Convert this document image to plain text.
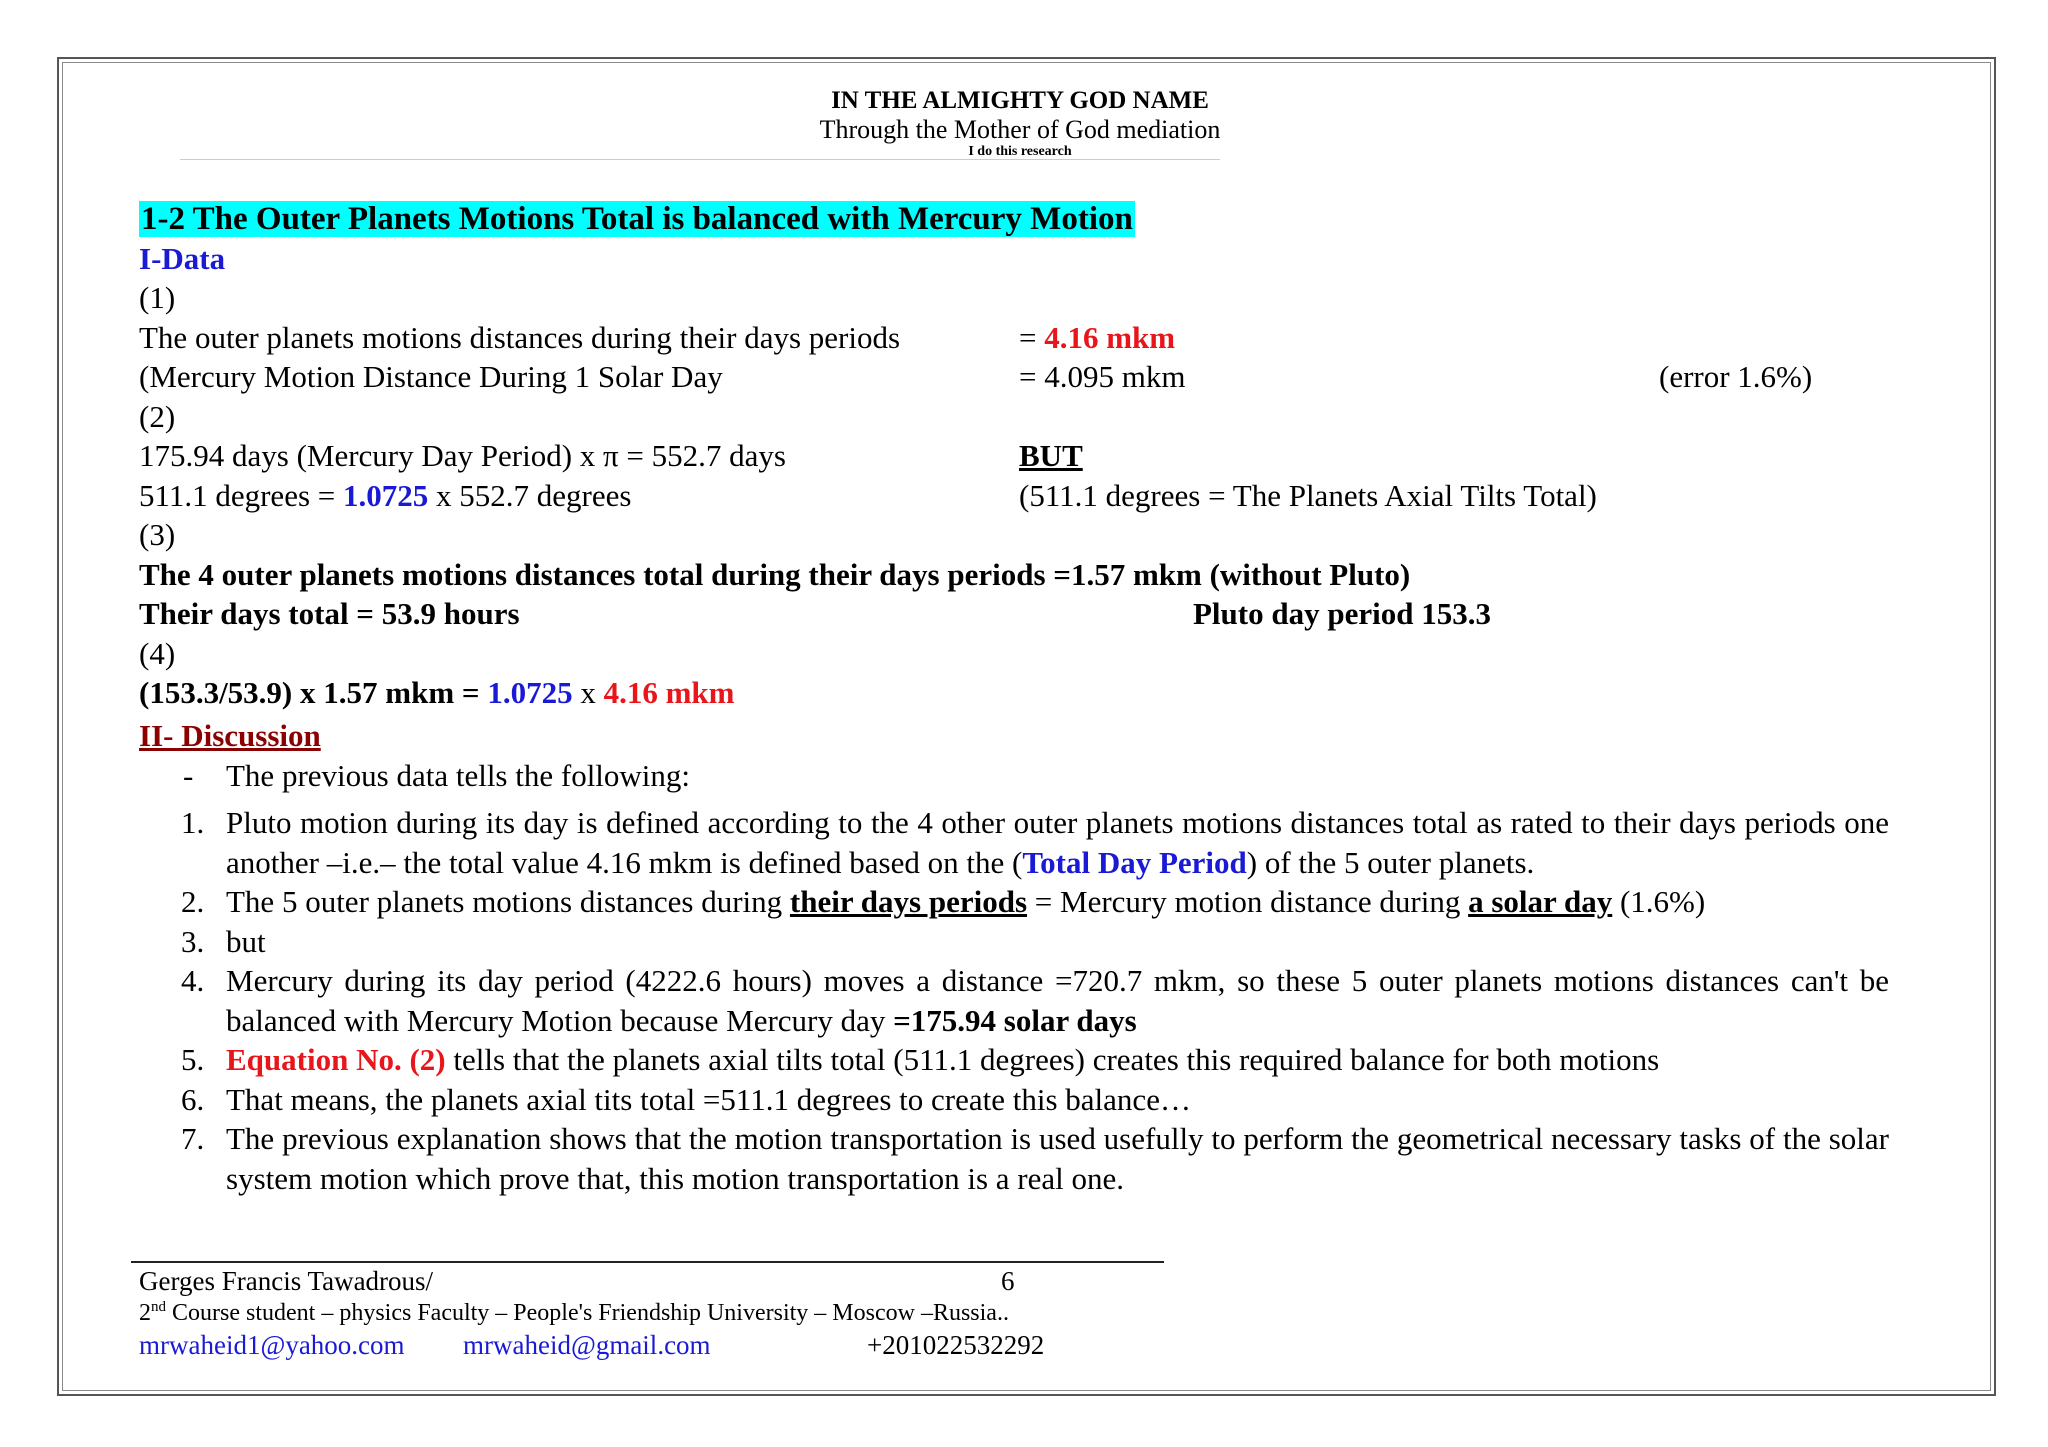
IN THE ALMIGHTY GOD NAME
Through the Mother of God mediation
I do this research
1-2 The Outer Planets Motions Total is balanced with Mercury Motion
I-Data
(1)
The outer planets motions distances during their days periods	= 4.16 mkm
(Mercury Motion Distance During 1 Solar Day	= 4.095 mkm	(error 1.6%)
(2)
175.94 days (Mercury Day Period) x π = 552.7 days	BUT
511.1 degrees = 1.0725 x 552.7 degrees	(511.1 degrees = The Planets Axial Tilts Total)
(3)
The 4 outer planets motions distances total during their days periods =1.57 mkm (without Pluto)
Their days total = 53.9 hours	Pluto day period 153.3
(4)
(153.3/53.9) x 1.57 mkm = 1.0725 x 4.16 mkm
II- Discussion
- The previous data tells the following:
1. Pluto motion during its day is defined according to the 4 other outer planets motions distances total as rated to their days periods one another –i.e.– the total value 4.16 mkm is defined based on the (Total Day Period) of the 5 outer planets.
2. The 5 outer planets motions distances during their days periods = Mercury motion distance during a solar day (1.6%)
3. but
4. Mercury during its day period (4222.6 hours) moves a distance =720.7 mkm, so these 5 outer planets motions distances can't be balanced with Mercury Motion because Mercury day =175.94 solar days
5. Equation No. (2) tells that the planets axial tilts total (511.1 degrees) creates this required balance for both motions
6. That means, the planets axial tits total =511.1 degrees to create this balance…
7. The previous explanation shows that the motion transportation is used usefully to perform the geometrical necessary tasks of the solar system motion which prove that, this motion transportation is a real one.
Gerges Francis Tawadrous/	6
2nd Course student – physics Faculty – People's Friendship University – Moscow –Russia..
mrwaheid1@yahoo.com mrwaheid@gmail.com	+201022532292
